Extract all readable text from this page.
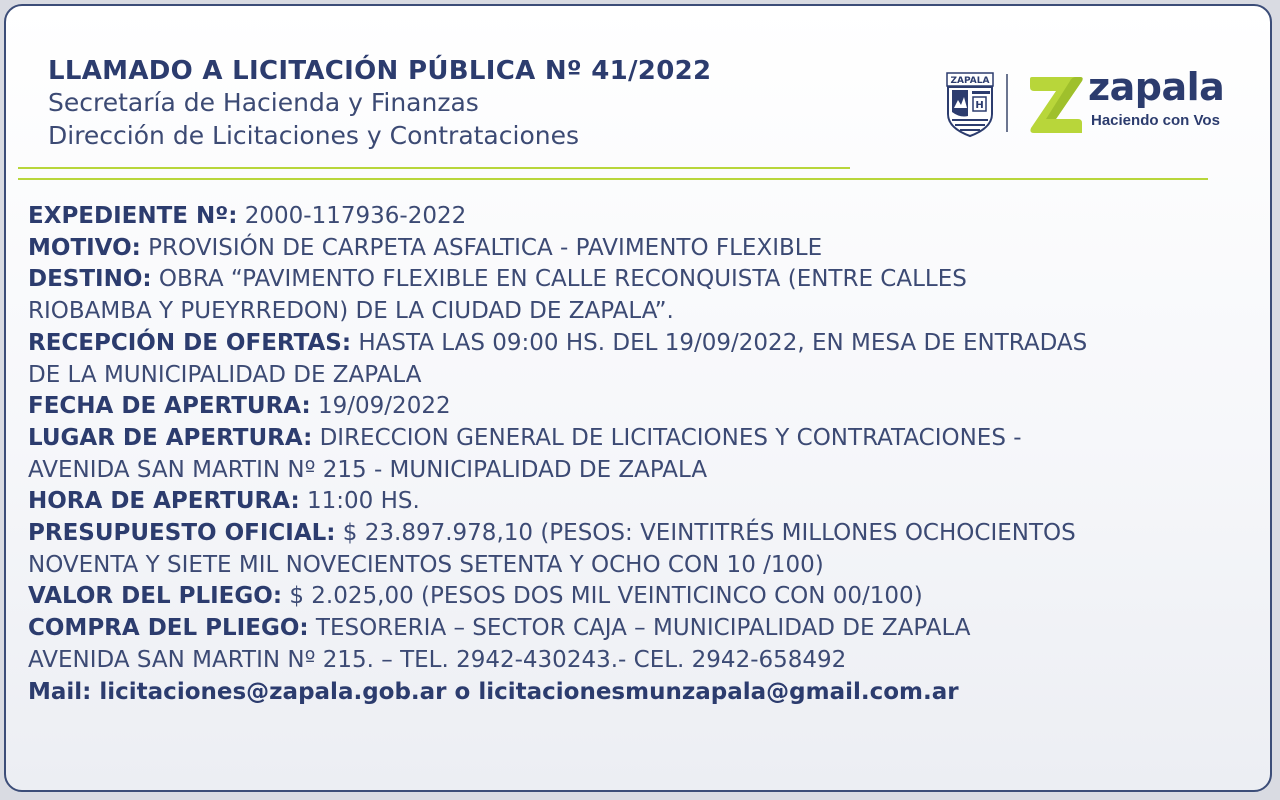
LLAMADO A LICITACIÓN PÚBLICA Nº 41/2022
Secretaría de Hacienda y Finanzas
Dirección de Licitaciones y Contrataciones
ZAPALA
H	zapala
Haciendo con Vos
EXPEDIENTE Nº: 2000-117936-2022
MOTIVO: PROVISIÓN DE CARPETA ASFALTICA - PAVIMENTO FLEXIBLE
DESTINO: OBRA “PAVIMENTO FLEXIBLE EN CALLE RECONQUISTA (ENTRE CALLES
RIOBAMBA Y PUEYRREDON) DE LA CIUDAD DE ZAPALA”.
RECEPCIÓN DE OFERTAS: HASTA LAS 09:00 HS. DEL 19/09/2022, EN MESA DE ENTRADAS
DE LA MUNICIPALIDAD DE ZAPALA
FECHA DE APERTURA: 19/09/2022
LUGAR DE APERTURA: DIRECCION GENERAL DE LICITACIONES Y CONTRATACIONES -
AVENIDA SAN MARTIN Nº 215 - MUNICIPALIDAD DE ZAPALA
HORA DE APERTURA: 11:00 HS.
PRESUPUESTO OFICIAL: $ 23.897.978,10 (PESOS: VEINTITRÉS MILLONES OCHOCIENTOS
NOVENTA Y SIETE MIL NOVECIENTOS SETENTA Y OCHO CON 10 /100)
VALOR DEL PLIEGO: $ 2.025,00 (PESOS DOS MIL VEINTICINCO CON 00/100)
COMPRA DEL PLIEGO: TESORERIA – SECTOR CAJA – MUNICIPALIDAD DE ZAPALA
AVENIDA SAN MARTIN Nº 215. – TEL. 2942-430243.- CEL. 2942-658492
Mail: licitaciones@zapala.gob.ar o licitacionesmunzapala@gmail.com.ar
